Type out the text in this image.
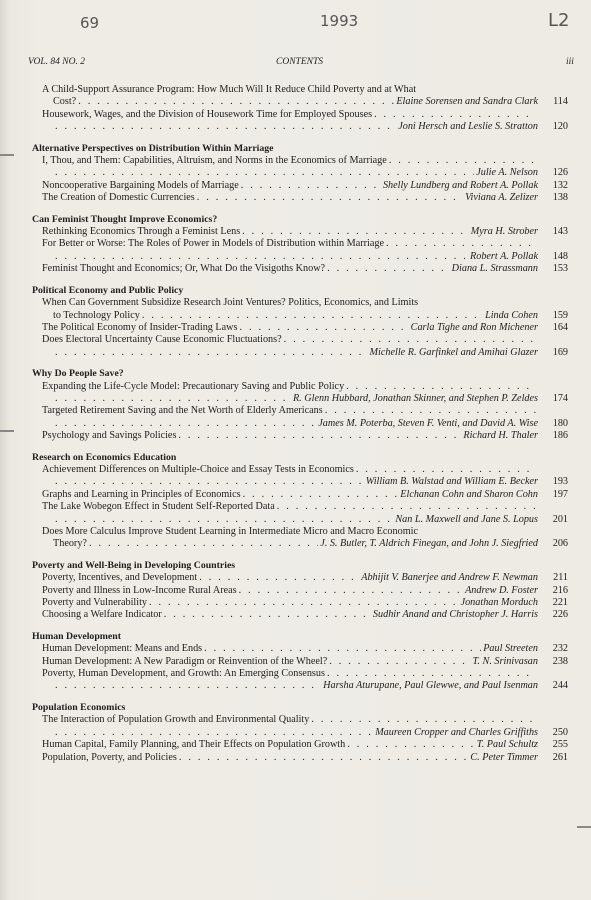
69	1993	L2
VOL. 84 NO. 2	CONTENTS	iii
A Child-Support Assurance Program: How Much Will It Reduce Child Poverty and at What
Cost? . . .	Elaine Sorensen and Sandra Clark	114
Housework, Wages, and the Division of Housework Time for Employed Spouses
. . .
. . .
Joni Hersch and Leslie S. Stratton	120
Alternative Perspectives on Distribution Within Marriage
I, Thou, and Them: Capabilities, Altruism, and Norms in the Economics of Marriage
. . .
. . .
Julie A. Nelson	126
Noncooperative Bargaining Models of Marriage . . .	Shelly Lundberg and Robert A. Pollak	132
The Creation of Domestic Currencies . . .	Viviana A. Zelizer	138
Can Feminist Thought Improve Economics?
Rethinking Economics Through a Feminist Lens . . .	Myra H. Strober	143
For Better or Worse: The Roles of Power in Models of Distribution within Marriage
. . .
. . .
Robert A. Pollak	148
Feminist Thought and Economics; Or, What Do the Visigoths Know? . . .	Diana L. Strassmann	153
Political Economy and Public Policy
When Can Government Subsidize Research Joint Ventures? Politics, Economics, and Limits
to Technology Policy . . .	Linda Cohen	159
The Political Economy of Insider-Trading Laws . . .	Carla Tighe and Ron Michener	164
Does Electoral Uncertainty Cause Economic Fluctuations?
. . .
. . .
Michelle R. Garfinkel and Amihai Glazer	169
Why Do People Save?
Expanding the Life-Cycle Model: Precautionary Saving and Public Policy
. . .
. . .
R. Glenn Hubbard, Jonathan Skinner, and Stephen P. Zeldes	174
Targeted Retirement Saving and the Net Worth of Elderly Americans
. . .
. . .
James M. Poterba, Steven F. Venti, and David A. Wise	180
Psychology and Savings Policies . . .	Richard H. Thaler	186
Research on Economics Education
Achievement Differences on Multiple-Choice and Essay Tests in Economics
. . .
. . .
William B. Walstad and William E. Becker	193
Graphs and Learning in Principles of Economics . . .	Elchanan Cohn and Sharon Cohn	197
The Lake Wobegon Effect in Student Self-Reported Data
. . .
. . .
Nan L. Maxwell and Jane S. Lopus	201
Does More Calculus Improve Student Learning in Intermediate Micro and Macro Economic
Theory? . . .	J. S. Butler, T. Aldrich Finegan, and John J. Siegfried	206
Poverty and Well-Being in Developing Countries
Poverty, Incentives, and Development . . .	Abhijit V. Banerjee and Andrew F. Newman	211
Poverty and Illness in Low-Income Rural Areas . . .	Andrew D. Foster	216
Poverty and Vulnerability . . .	Jonathan Morduch	221
Choosing a Welfare Indicator . . .	Sudhir Anand and Christopher J. Harris	226
Human Development
Human Development: Means and Ends . . .	Paul Streeten	232
Human Development: A New Paradigm or Reinvention of the Wheel? . . .	T. N. Srinivasan	238
Poverty, Human Development, and Growth: An Emerging Consensus
. . .
. . .
Harsha Aturupane, Paul Glewwe, and Paul Isenman	244
Population Economics
The Interaction of Population Growth and Environmental Quality
. . .
. . .
Maureen Cropper and Charles Griffiths	250
Human Capital, Family Planning, and Their Effects on Population Growth . . .	T. Paul Schultz	255
Population, Poverty, and Policies . . .	C. Peter Timmer	261
